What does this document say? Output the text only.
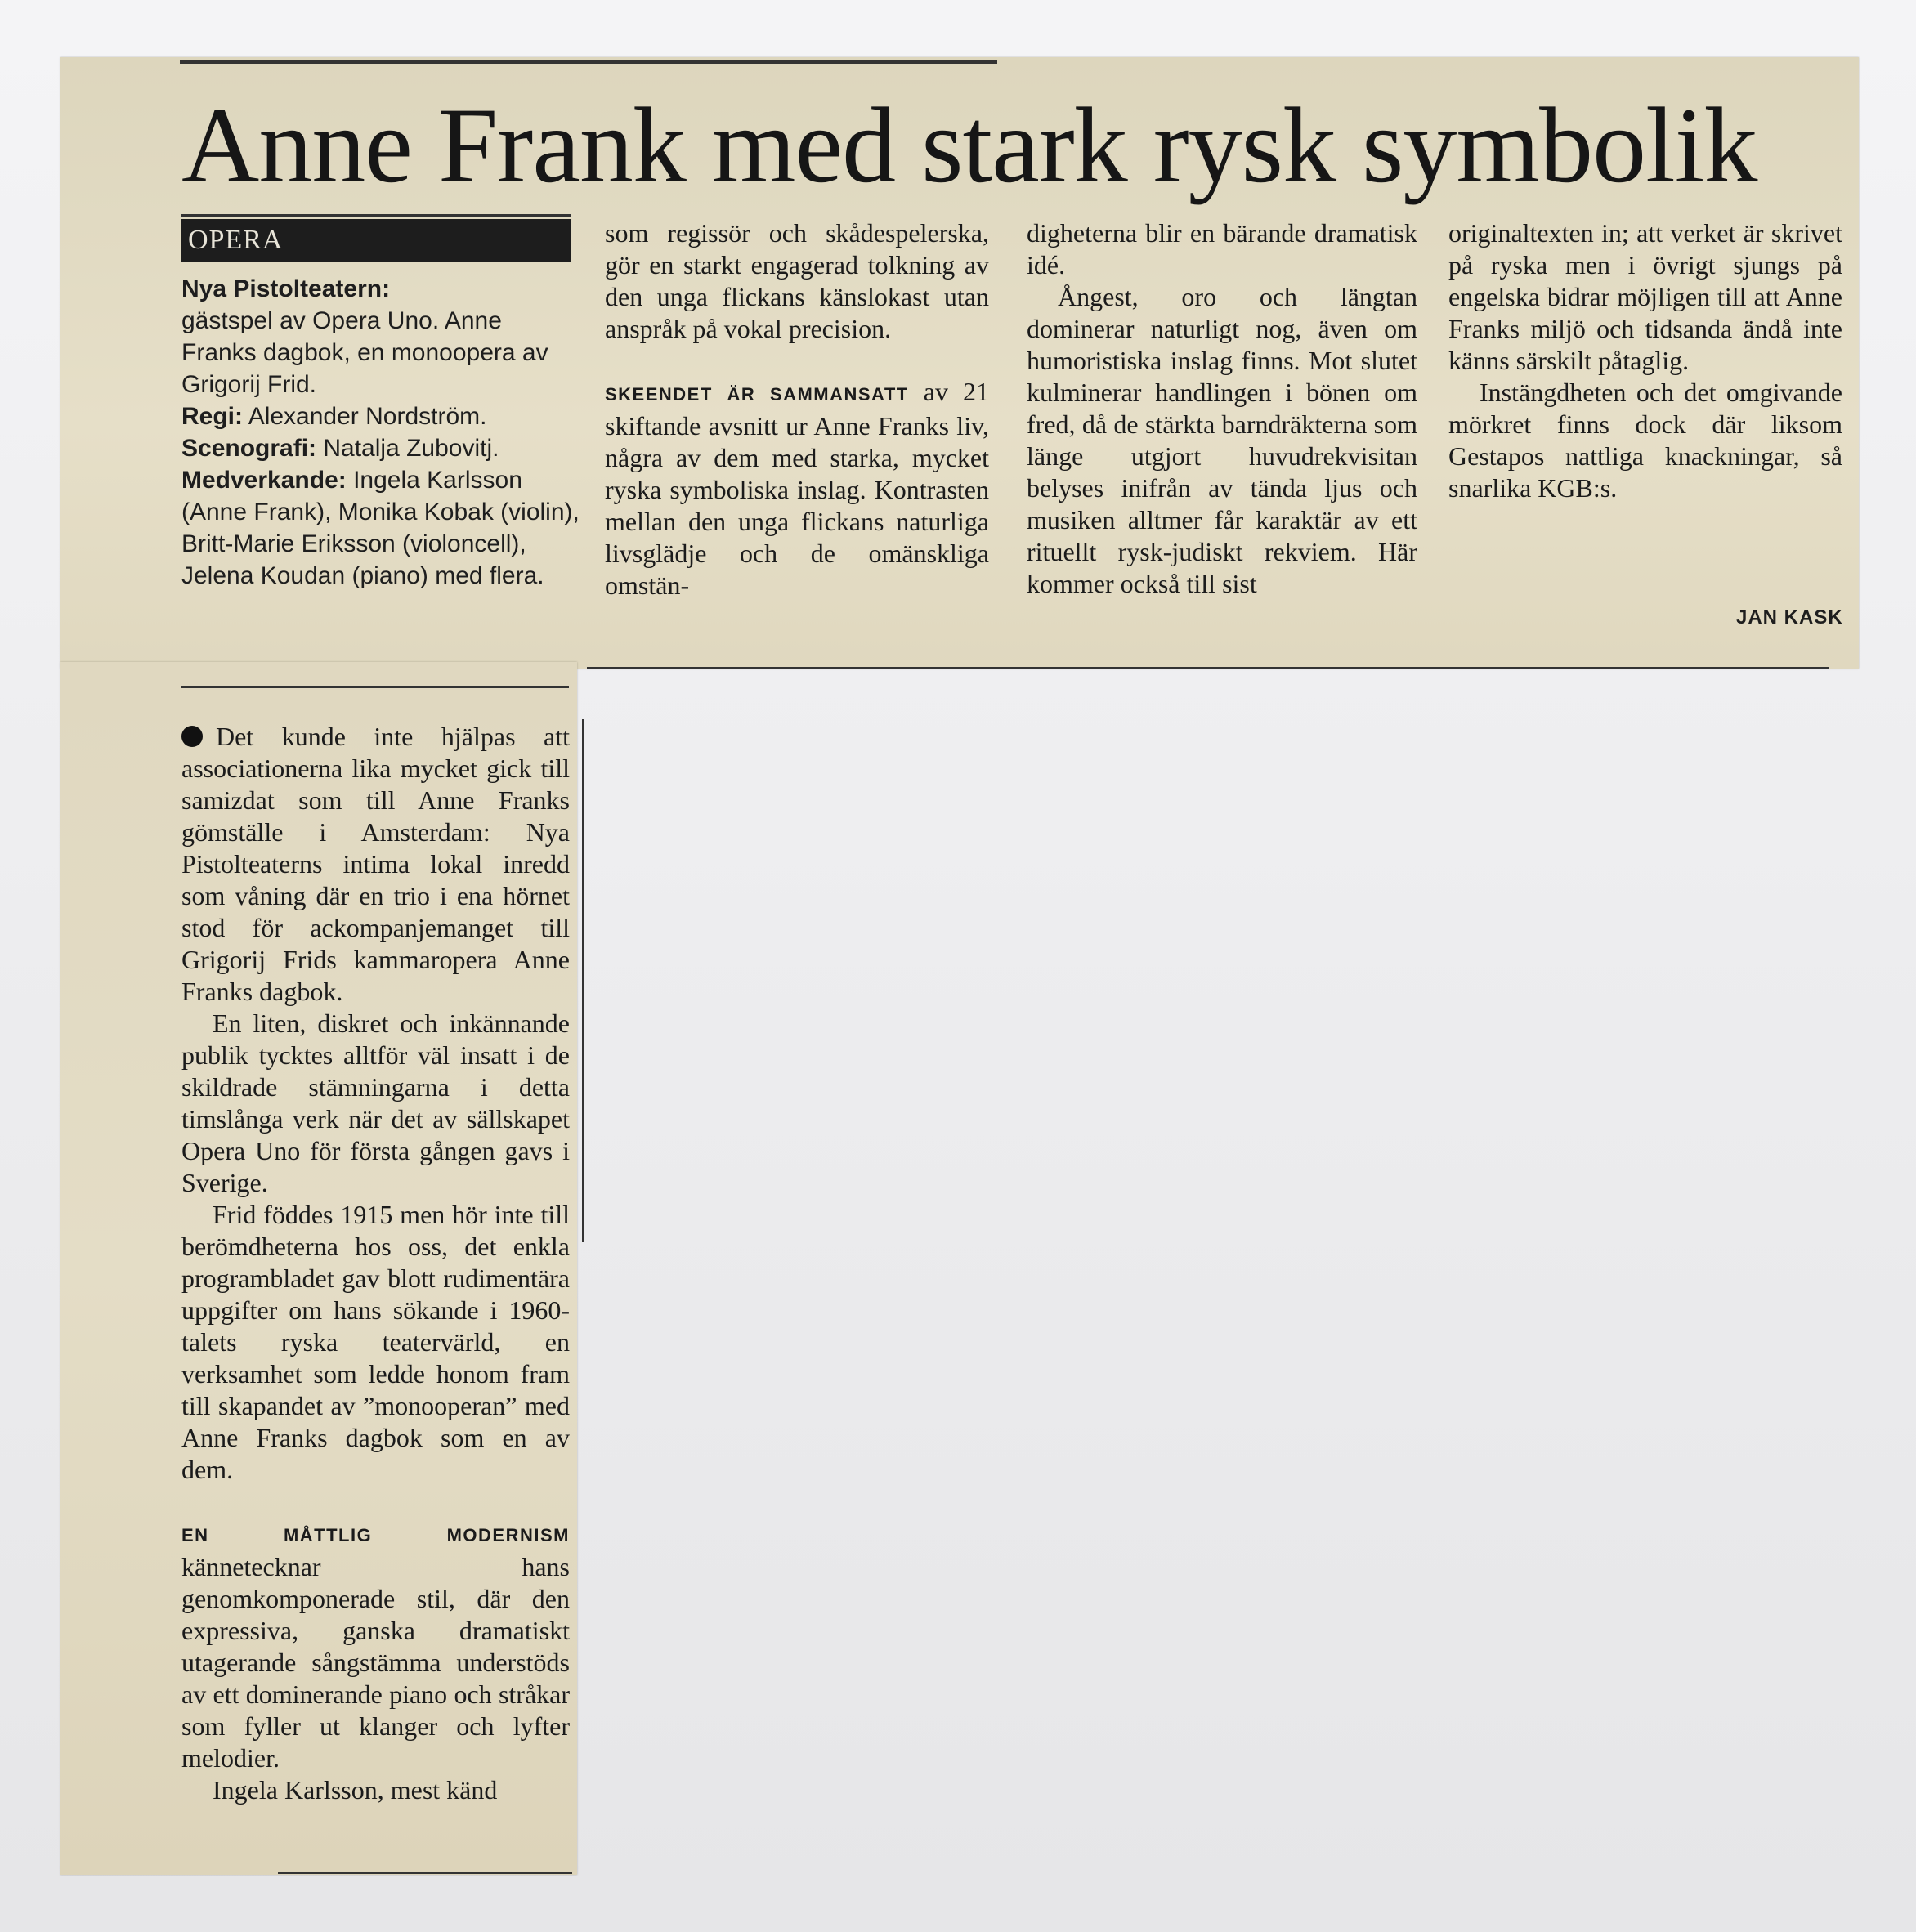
Anne Frank med stark rysk symbolik
OPERA

Nya Pistolteatern:

gästspel av Opera Uno. Anne Franks dagbok, en monoopera av Grigorij Frid.

Regi: Alexander Nordström.

Scenografi: Natalja Zubovitj.

Medverkande: Ingela Karlsson (Anne Frank), Monika Kobak (violin), Britt-Marie Eriksson (violoncell), Jelena Koudan (piano) med flera.

Det kunde inte hjälpas att associationerna lika mycket gick till samizdat som till Anne Franks gömställe i Amsterdam: Nya Pistolteaterns intima lokal inredd som våning där en trio i ena hörnet stod för ackompanjemanget till Grigorij Frids kammaropera Anne Franks dagbok.

En liten, diskret och inkännande publik tycktes alltför väl insatt i de skildrade stämningarna i detta timslånga verk när det av sällskapet Opera Uno för första gången gavs i Sverige.

Frid föddes 1915 men hör inte till berömdheterna hos oss, det enkla programbladet gav blott rudimentära uppgifter om hans sökande i 1960-talets ryska teatervärld, en verksamhet som ledde honom fram till skapandet av ”monooperan” med Anne Franks dagbok som en av dem.

EN MÅTTLIG MODERNISM kännetecknar hans genomkomponerade stil, där den expressiva, ganska dramatiskt utagerande sångstämma understöds av ett dominerande piano och stråkar som fyller ut klanger och lyfter melodier.

Ingela Karlsson, mest känd

som regissör och skådespelerska, gör en starkt engagerad tolkning av den unga flickans känslokast utan anspråk på vokal precision.

SKEENDET ÄR SAMMANSATT av 21 skiftande avsnitt ur Anne Franks liv, några av dem med starka, mycket ryska symboliska inslag. Kontrasten mellan den unga flickans naturliga livsglädje och de omänskliga omstän-

digheterna blir en bärande dramatisk idé.

Ångest, oro och längtan dominerar naturligt nog, även om humoristiska inslag finns. Mot slutet kulminerar handlingen i bönen om fred, då de stärkta barndräkterna som länge utgjort huvudrekvisitan belyses inifrån av tända ljus och musiken alltmer får karaktär av ett rituellt rysk-judiskt rekviem. Här kommer också till sist

originaltexten in; att verket är skrivet på ryska men i övrigt sjungs på engelska bidrar möjligen till att Anne Franks miljö och tidsanda ändå inte känns särskilt påtaglig.

Instängdheten och det omgivande mörkret finns dock där liksom Gestapos nattliga knackningar, så snarlika KGB:s.

JAN KASK
